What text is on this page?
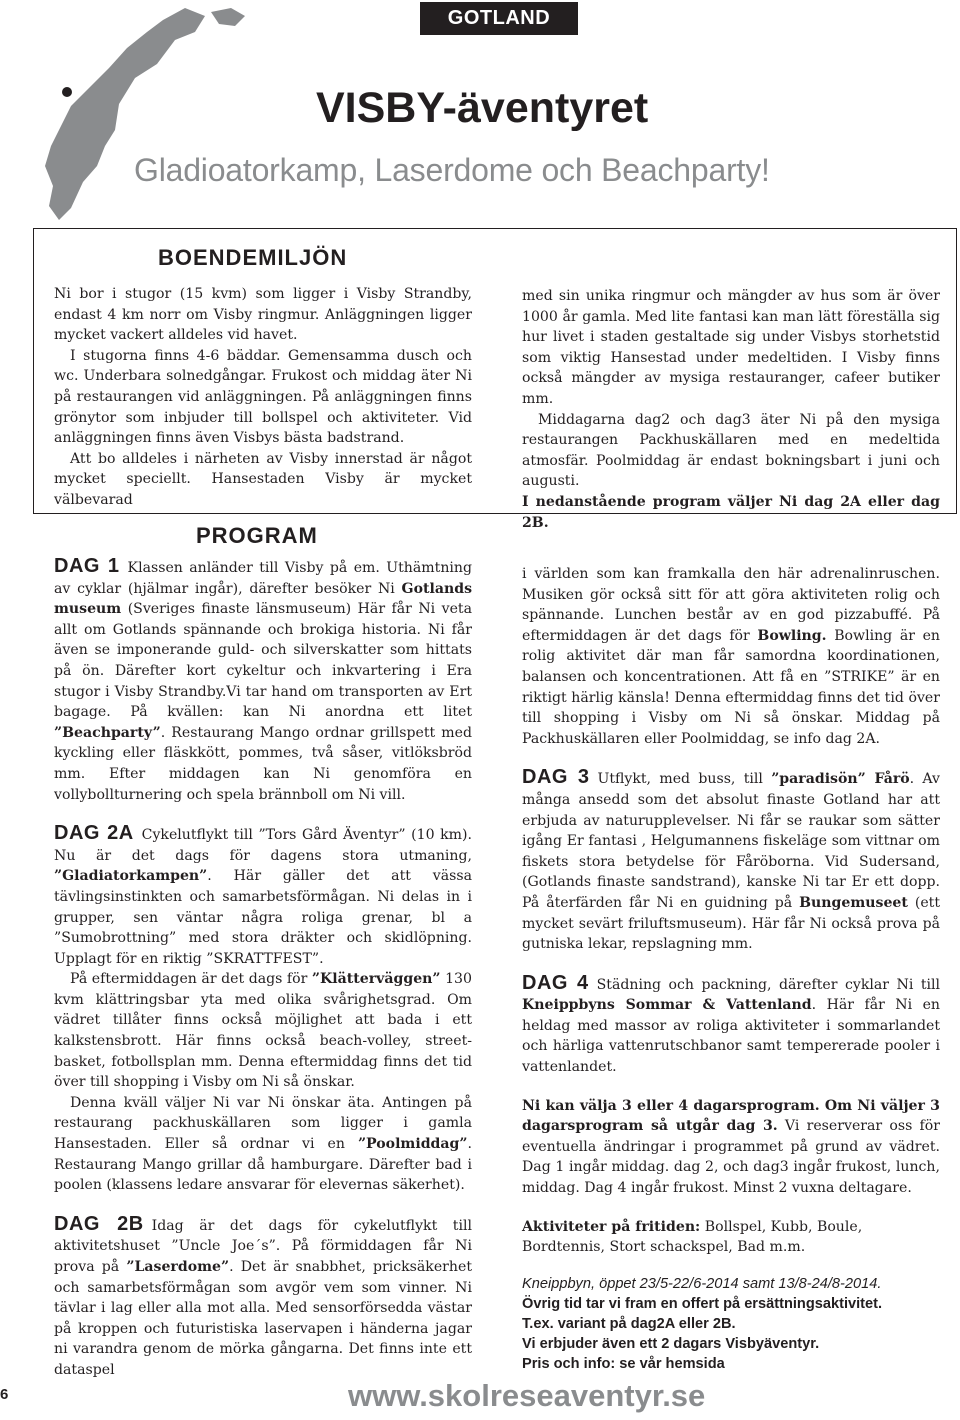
GOTLAND
VISBY-äventyret
Gladioatorkamp, Laserdome och Beachparty!
BOENDEMILJÖN

Ni bor i stugor (15 kvm) som ligger i Visby Strandby, endast 4 km norr om Visby ringmur. Anläggningen ligger mycket vackert alldeles vid havet.

I stugorna finns 4-6 bäddar. Gemensamma dusch och wc. Underbara solnedgångar. Frukost och middag äter Ni på restaurangen vid anläggningen. På anläggningen finns grönytor som inbjuder till bollspel och aktiviteter. Vid anläggningen finns även Visbys bästa badstrand.

Att bo alldeles i närheten av Visby innerstad är något mycket speciellt. Hansestaden Visby är mycket välbevarad

med sin unika ringmur och mängder av hus som är över 1000 år gamla. Med lite fantasi kan man lätt föreställa sig hur livet i staden gestaltade sig under Visbys storhetstid som viktig Hansestad under medeltiden. I Visby finns också mängder av mysiga restauranger, cafeer butiker mm.

Middagarna dag2 och dag3 äter Ni på den mysiga restaurangen Packhuskällaren med en medeltida atmosfär. Poolmiddag är endast bokningsbart i juni och augusti.

I nedanstående program väljer Ni dag 2A eller dag 2B.

PROGRAM

DAG 1 Klassen anländer till Visby på em. Uthämtning av cyklar (hjälmar ingår), därefter besöker Ni Gotlands museum (Sveriges finaste länsmuseum) Här får Ni veta allt om Gotlands spännande och brokiga historia. Ni får även se imponerande guld- och silverskatter som hittats på ön. Därefter kort cykeltur och inkvartering i Era stugor i Visby Strandby.Vi tar hand om transporten av Ert bagage. På kvällen: kan Ni anordna ett litet ”Beachparty”. Restaurang Mango ordnar grillspett med kyckling eller fläskkött, pommes, två såser, vitlöksbröd mm. Efter middagen kan Ni genomföra en vollybollturnering och spela brännboll om Ni vill.

DAG 2A Cykelutflykt till ”Tors Gård Äventyr” (10 km). Nu är det dags för dagens stora utmaning, ”Gladiatorkampen”. Här gäller det att vässa tävlingsinstinkten och samarbetsförmågan. Ni delas in i grupper, sen väntar några roliga grenar, bl a ”Sumobrottning” med stora dräkter och skidlöpning. Upplagt för en riktig ”SKRATTFEST”.

På eftermiddagen är det dags för ”Klätterväggen” 130 kvm klättringsbar yta med olika svårighetsgrad. Om vädret tillåter finns också möjlighet att bada i ett kalkstensbrott. Här finns också beach-volley, street-basket, fotbollsplan mm. Denna eftermiddag finns det tid över till shopping i Visby om Ni så önskar.

Denna kväll väljer Ni var Ni önskar äta. Antingen på restaurang packhuskällaren som ligger i gamla Hansestaden. Eller så ordnar vi en ”Poolmiddag”. Restaurang Mango grillar då hamburgare. Därefter bad i poolen (klassens ledare ansvarar för elevernas säkerhet).

DAG 2B Idag är det dags för cykelutflykt till aktivitetshuset ”Uncle Joe´s”. På förmiddagen får Ni prova på ”Laserdome”. Det är snabbhet, pricksäkerhet och samarbetsförmågan som avgör vem som vinner. Ni tävlar i lag eller alla mot alla. Med sensorförsedda västar på kroppen och futuristiska laservapen i händerna jagar ni varandra genom de mörka gångarna. Det finns inte ett dataspel

i världen som kan framkalla den här adrenalinruschen. Musiken gör också sitt för att göra aktiviteten rolig och spännande. Lunchen består av en god pizzabuffé. På eftermiddagen är det dags för Bowling. Bowling är en rolig aktivitet där man får samordna koordinationen, balansen och koncentrationen. Att få en ”STRIKE” är en riktigt härlig känsla! Denna eftermiddag finns det tid över till shopping i Visby om Ni så önskar. Middag på Packhuskällaren eller Poolmiddag, se info dag 2A.

DAG 3 Utflykt, med buss, till ”paradisön” Fårö. Av många ansedd som det absolut finaste Gotland har att erbjuda av naturupplevelser. Ni får se raukar som sätter igång Er fantasi , Helgumannens fiskeläge som vittnar om fiskets stora betydelse för Fåröborna. Vid Sudersand, (Gotlands finaste sandstrand), kanske Ni tar Er ett dopp. På återfärden får Ni en guidning på Bungemuseet (ett mycket sevärt friluftsmuseum). Här får Ni också prova på gutniska lekar, repslagning mm.

DAG 4 Städning och packning, därefter cyklar Ni till Kneippbyns Sommar & Vattenland. Här får Ni en heldag med massor av roliga aktiviteter i sommarlandet och härliga vattenrutschbanor samt tempererade pooler i vattenlandet.

Ni kan välja 3 eller 4 dagarsprogram. Om Ni väljer 3 dagarsprogram så utgår dag 3. Vi reserverar oss för eventuella ändringar i programmet på grund av vädret. Dag 1 ingår middag. dag 2, och dag3 ingår frukost, lunch, middag. Dag 4 ingår frukost. Minst 2 vuxna deltagare.

Aktiviteter på fritiden: Bollspel, Kubb, Boule, Bordtennis, Stort schackspel, Bad m.m.

Kneippbyn, öppet 23/5-22/6-2014 samt 13/8-24/8-2014.
Övrig tid tar vi fram en offert på ersättningsaktivitet.
T.ex. variant på dag2A eller 2B.
Vi erbjuder även ett 2 dagars Visbyäventyr.
Pris och info: se vår hemsida
6	www.skolreseaventyr.se
